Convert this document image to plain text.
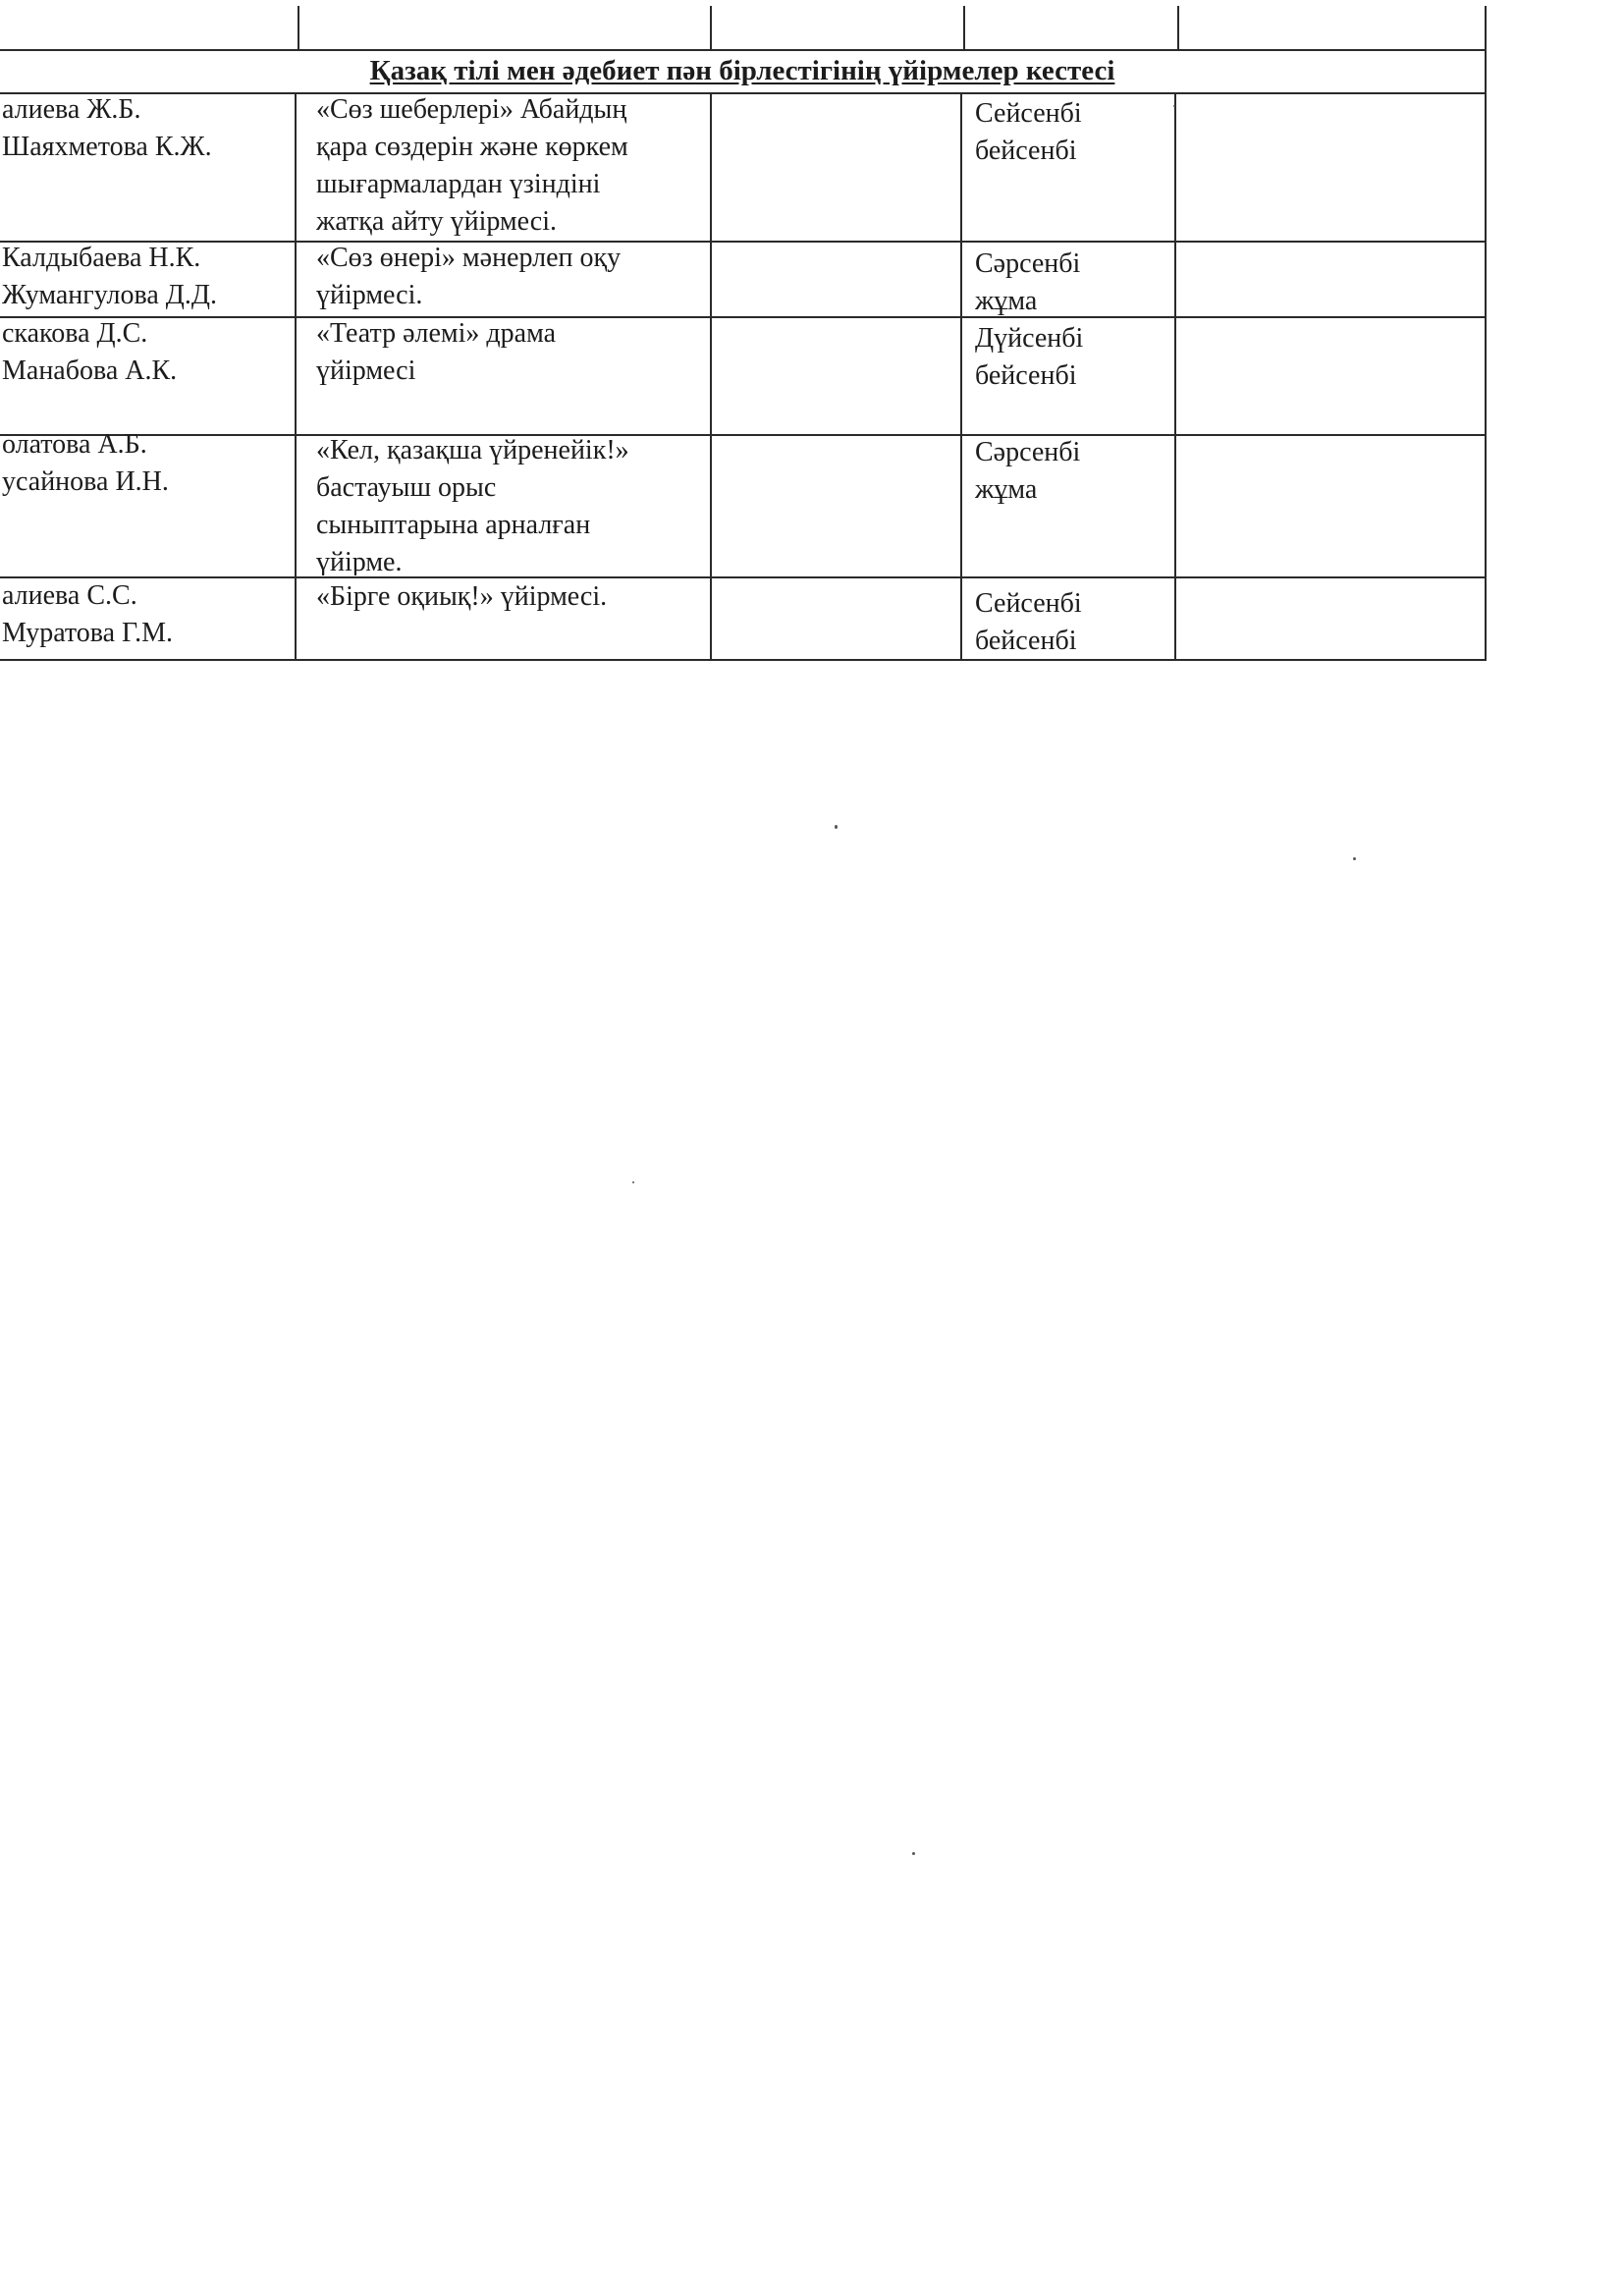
Қазақ тілі мен әдебиет пән бірлестігінің үйірмелер кестесі
алиева Ж.Б.
Шаяхметова К.Ж.
«Сөз шеберлері» Абайдың
қара сөздерін және көркем
шығармалардан үзіндіні
жатқа айту үйірмесі.
Сейсенбі
бейсенбі
Калдыбаева Н.К.
Жумангулова Д.Д.
«Сөз өнері» мәнерлеп оқу
үйірмесі.
Сәрсенбі
жұма
скакова Д.С.
Манабова А.К.
«Театр әлемі» драма
үйірмесі
Дүйсенбі
бейсенбі
олатова А.Б.
усайнова И.Н.
«Кел, қазақша үйренейік!»
бастауыш орыс
сыныптарына арналған
үйірме.
Сәрсенбі
жұма
алиева С.С.
Муратова Г.М.
«Бірге оқиық!» үйірмесі.	Сейсенбі
бейсенбі
